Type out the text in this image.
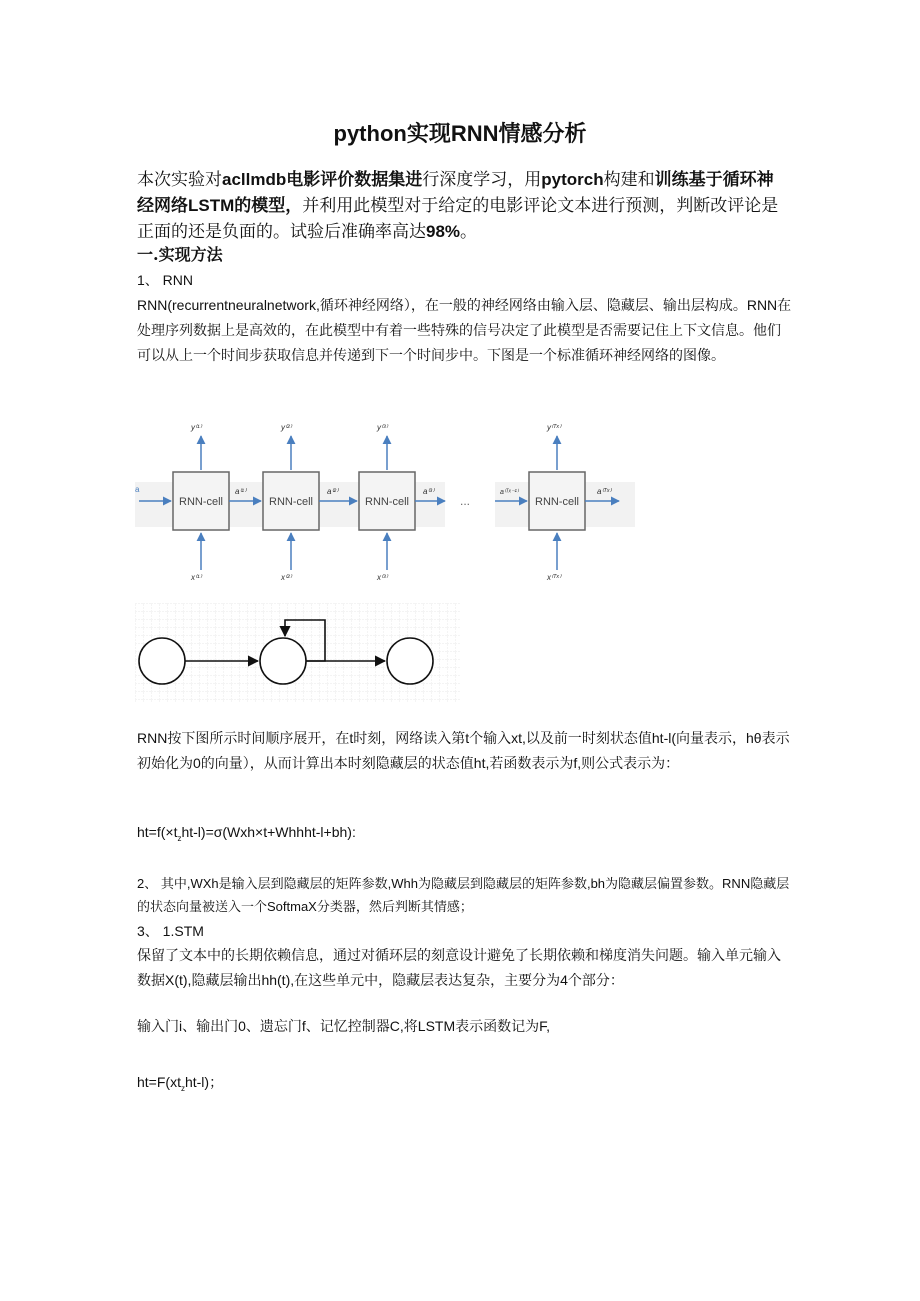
python实现RNN情感分析
本次实验对acllmdb电影评价数据集进行深度学习，用pytorch构建和训练基于循环神经网络LSTM的模型，并利用此模型对于给定的电影评论文本进行预测，判断改评论是正面的还是负面的。试验后准确率高达98%。
一.实现方法
1、 RNN
RNN(recurrentneuralnetwork,循环神经网络），在一般的神经网络由输入层、隐藏层、输出层构成。RNN在处理序列数据上是高效的，在此模型中有着一些特殊的信号决定了此模型是否需要记住上下文信息。他们可以从上一个时间步获取信息并传递到下一个时间步中。下图是一个标准循环神经网络的图像。
a
RNN-cell
y⁽¹⁾
x⁽¹⁾
a⁽¹⁾
RNN-cell
y⁽²⁾
x⁽²⁾
a⁽²⁾
RNN-cell
y⁽³⁾
x⁽³⁾
a⁽³⁾
...
a⁽ᵀˣ⁻¹⁾
RNN-cell
y⁽ᵀˣ⁾
x⁽ᵀˣ⁾
a⁽ᵀˣ⁾
RNN按下图所示时间顺序展开，在t时刻，网络读入第t个输入xt,以及前一时刻状态值ht-l(向量表示，hθ表示初始化为0的向量），从而计算出本时刻隐藏层的状态值ht,若函数表示为f,则公式表示为：
$ht=f(\times t_zht-l)=\sigma(Wxh\times t+Whhht-l+bh)$:
2、 其中,WXh是输入层到隐藏层的矩阵参数,Whh为隐藏层到隐藏层的矩阵参数,bh为隐藏层偏置参数。RNN隐藏层的状态向量被送入一个SoftmaX分类器，然后判断其情感；
3、 1.STM
保留了文本中的长期依赖信息，通过对循环层的刻意设计避免了长期依赖和梯度消失问题。输入单元输入数据X(t),隐藏层输出hh(t),在这些单元中，隐藏层表达复杂，主要分为4个部分：
输入门i、输出门0、遗忘门f、记忆控制器C,将LSTM表示函数记为F,
$ht=F(xt_zht-l)$；
